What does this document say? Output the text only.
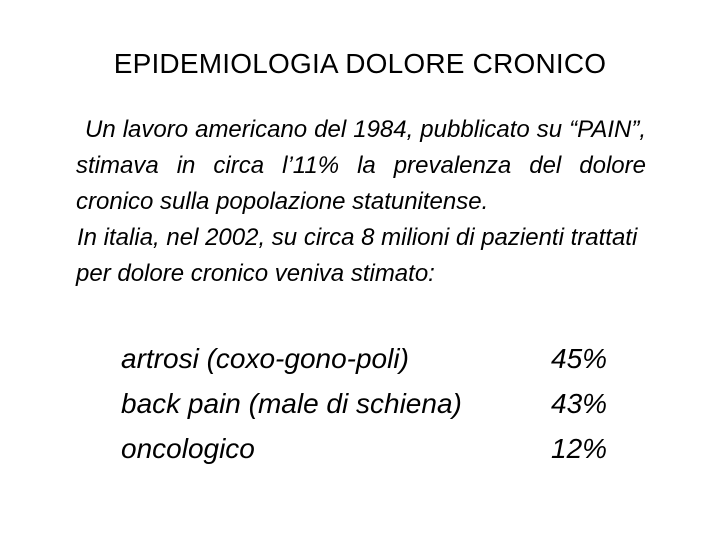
EPIDEMIOLOGIA DOLORE CRONICO

Un lavoro americano del 1984, pubblicato su “PAIN”, stimava in circa l’11% la prevalenza del dolore cronico sulla popolazione statunitense.

In italia, nel 2002, su circa 8 milioni di pazienti trattati per dolore cronico veniva stimato:

artrosi (coxo-gono-poli)	45%
back pain (male di schiena)	43%
oncologico	12%
